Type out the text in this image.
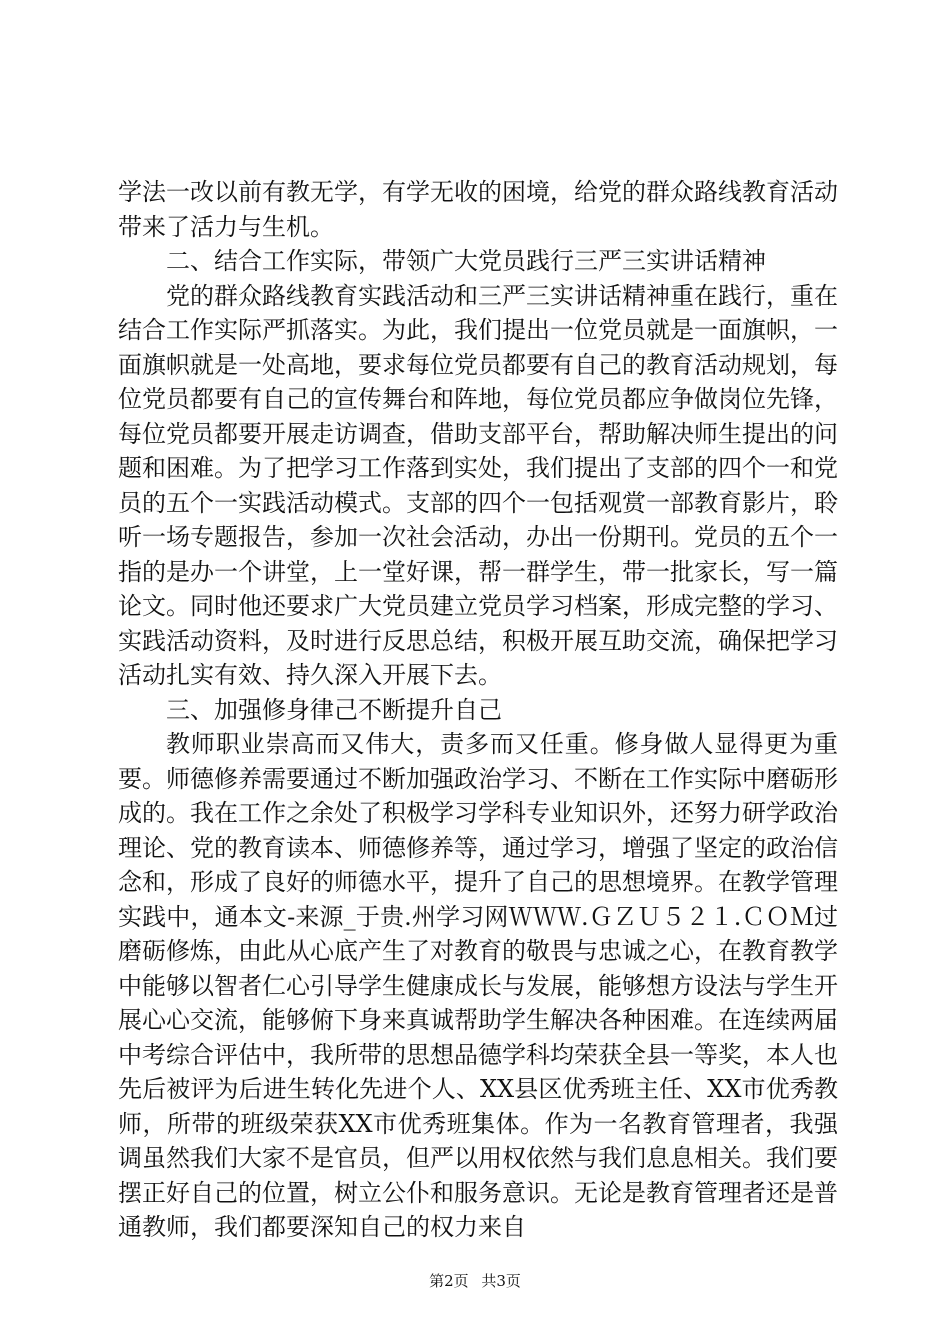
学法一改以前有教无学，有学无收的困境，给党的群众路线教育活动带来了活力与生机。

二、结合工作实际，带领广大党员践行三严三实讲话精神

党的群众路线教育实践活动和三严三实讲话精神重在践行，重在结合工作实际严抓落实。为此，我们提出一位党员就是一面旗帜，一面旗帜就是一处高地，要求每位党员都要有自己的教育活动规划，每位党员都要有自己的宣传舞台和阵地，每位党员都应争做岗位先锋，每位党员都要开展走访调查，借助支部平台，帮助解决师生提出的问题和困难。为了把学习工作落到实处，我们提出了支部的四个一和党员的五个一实践活动模式。支部的四个一包括观赏一部教育影片，聆听一场专题报告，参加一次社会活动，办出一份期刊。党员的五个一指的是办一个讲堂，上一堂好课，帮一群学生，带一批家长，写一篇论文。同时他还要求广大党员建立党员学习档案，形成完整的学习、实践活动资料，及时进行反思总结，积极开展互助交流，确保把学习活动扎实有效、持久深入开展下去。

三、加强修身律己不断提升自己

教师职业崇高而又伟大，责多而又任重。修身做人显得更为重要。师德修养需要通过不断加强政治学习、不断在工作实际中磨砺形成的。我在工作之余处了积极学习学科专业知识外，还努力研学政治理论、党的教育读本、师德修养等，通过学习，增强了坚定的政治信念和，形成了良好的师德水平，提升了自己的思想境界。在教学管理实践中，通本文-来源_于贵.州学习网ＷＷＷ.ＧＺＵ５２１.ＣＯＭ过磨砺修炼，由此从心底产生了对教育的敬畏与忠诚之心，在教育教学中能够以智者仁心引导学生健康成长与发展，能够想方设法与学生开展心心交流，能够俯下身来真诚帮助学生解决各种困难。在连续两届中考综合评估中，我所带的思想品德学科均荣获全县一等奖，本人也先后被评为后进生转化先进个人、XX县区优秀班主任、XX市优秀教师，所带的班级荣获XX市优秀班集体。作为一名教育管理者，我强调虽然我们大家不是官员，但严以用权依然与我们息息相关。我们要摆正好自己的位置，树立公仆和服务意识。无论是教育管理者还是普通教师，我们都要深知自己的权力来自

第2页 共3页
